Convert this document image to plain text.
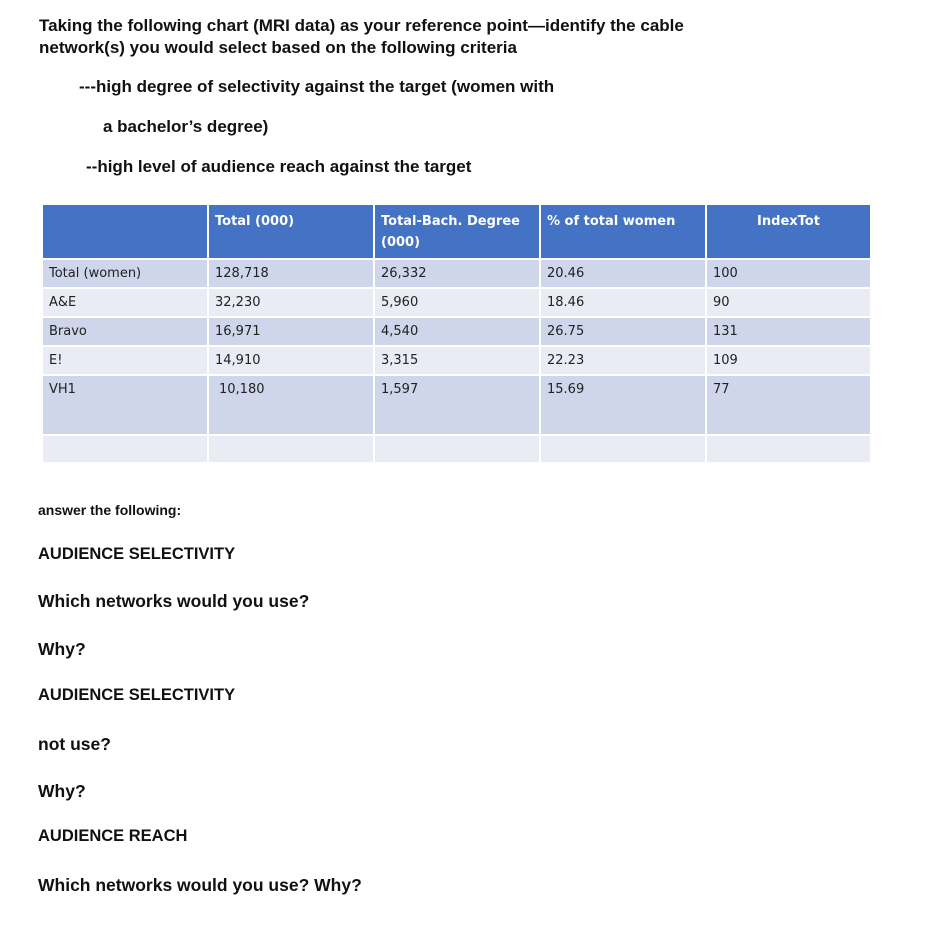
Taking the following chart (MRI data) as your reference point—identify the cable
network(s) you would select based on the following criteria
---high degree of selectivity against the target (women with
a bachelor’s degree)
--high level of audience reach against the target
	Total (000)	Total-Bach. Degree (000)	% of total women	IndexTot
Total (women)	128,718	26,332	20.46	100
A&E	32,230	5,960	18.46	90
Bravo	16,971	4,540	26.75	131
E!	14,910	3,315	22.23	109
VH1	10,180	1,597	15.69	77

answer the following:
AUDIENCE SELECTIVITY
Which networks would you use?
Why?
AUDIENCE SELECTIVITY
not use?
Why?
AUDIENCE REACH
Which networks would you use? Why?
